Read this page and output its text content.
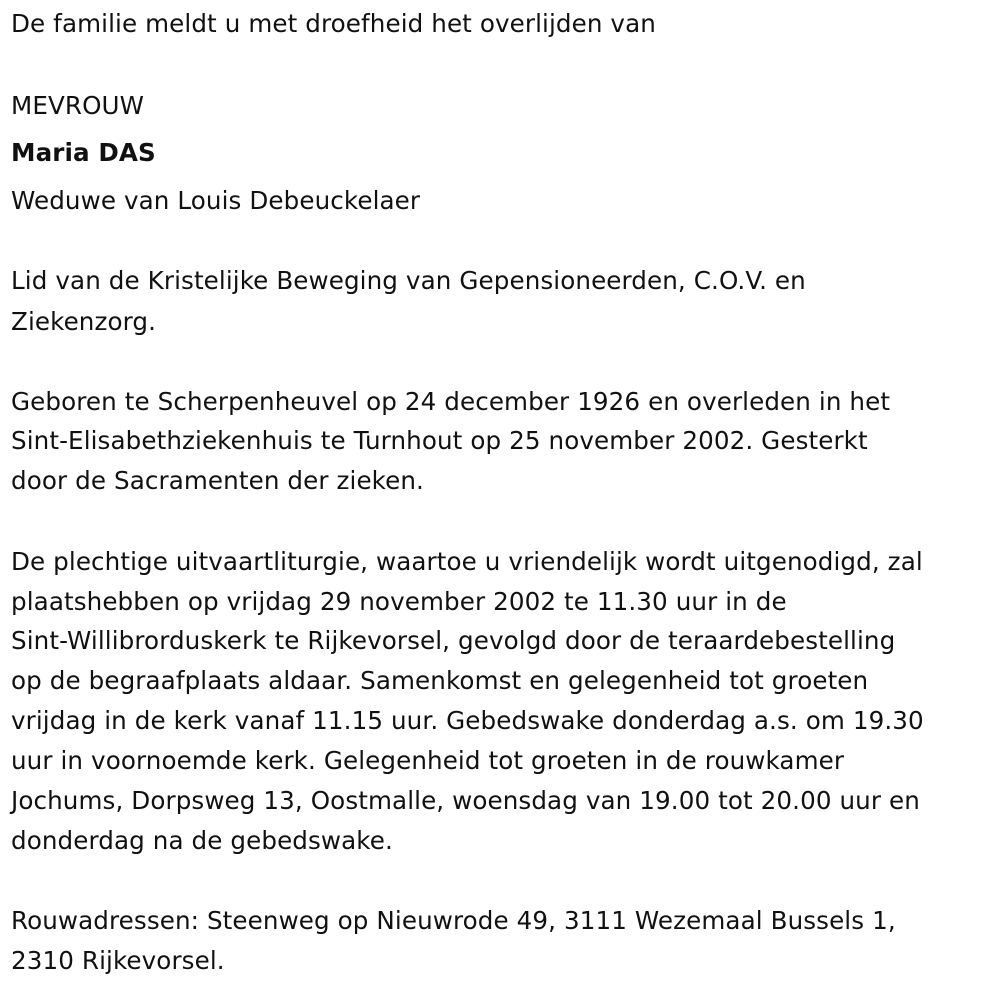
De familie meldt u met droefheid het overlijden van

MEVROUW

Maria DAS

Weduwe van Louis Debeuckelaer

Lid van de Kristelijke Beweging van Gepensioneerden, C.O.V. en

Ziekenzorg.

Geboren te Scherpenheuvel op 24 december 1926 en overleden in het

Sint-Elisabethziekenhuis te Turnhout op 25 november 2002. Gesterkt

door de Sacramenten der zieken.

De plechtige uitvaartliturgie, waartoe u vriendelijk wordt uitgenodigd, zal

plaatshebben op vrijdag 29 november 2002 te 11.30 uur in de

Sint-Willibrorduskerk te Rijkevorsel, gevolgd door de teraardebestelling

op de begraafplaats aldaar. Samenkomst en gelegenheid tot groeten

vrijdag in de kerk vanaf 11.15 uur. Gebedswake donderdag a.s. om 19.30

uur in voornoemde kerk. Gelegenheid tot groeten in de rouwkamer

Jochums, Dorpsweg 13, Oostmalle, woensdag van 19.00 tot 20.00 uur en

donderdag na de gebedswake.

Rouwadressen: Steenweg op Nieuwrode 49, 3111 Wezemaal Bussels 1,

2310 Rijkevorsel.
